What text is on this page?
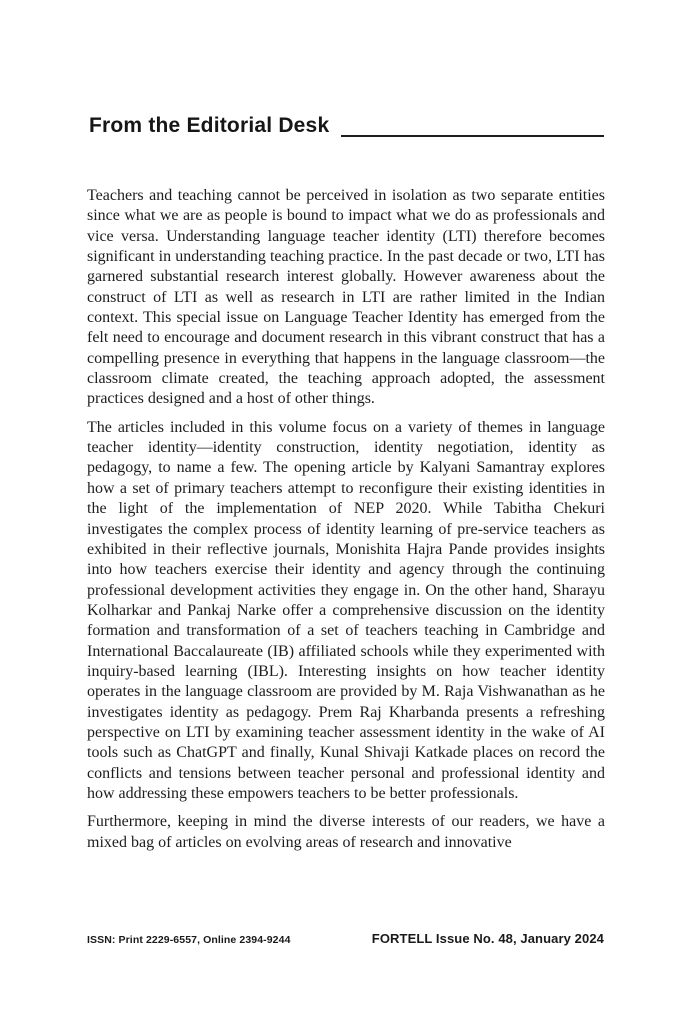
From the Editorial Desk

Teachers and teaching cannot be perceived in isolation as two separate entities since what we are as people is bound to impact what we do as professionals and vice versa. Understanding language teacher identity (LTI) therefore becomes significant in understanding teaching practice. In the past decade or two, LTI has garnered substantial research interest globally. However awareness about the construct of LTI as well as research in LTI are rather limited in the Indian context. This special issue on Language Teacher Identity has emerged from the felt need to encourage and document research in this vibrant construct that has a compelling presence in everything that happens in the language classroom—the classroom climate created, the teaching approach adopted, the assessment practices designed and a host of other things.

The articles included in this volume focus on a variety of themes in language teacher identity—identity construction, identity negotiation, identity as pedagogy, to name a few. The opening article by Kalyani Samantray explores how a set of primary teachers attempt to reconfigure their existing identities in the light of the implementation of NEP 2020. While Tabitha Chekuri investigates the complex process of identity learning of pre-service teachers as exhibited in their reflective journals, Monishita Hajra Pande provides insights into how teachers exercise their identity and agency through the continuing professional development activities they engage in. On the other hand, Sharayu Kolharkar and Pankaj Narke offer a comprehensive discussion on the identity formation and transformation of a set of teachers teaching in Cambridge and International Baccalaureate (IB) affiliated schools while they experimented with inquiry-based learning (IBL). Interesting insights on how teacher identity operates in the language classroom are provided by M. Raja Vishwanathan as he investigates identity as pedagogy. Prem Raj Kharbanda presents a refreshing perspective on LTI by examining teacher assessment identity in the wake of AI tools such as ChatGPT and finally, Kunal Shivaji Katkade places on record the conflicts and tensions between teacher personal and professional identity and how addressing these empowers teachers to be better professionals.

Furthermore, keeping in mind the diverse interests of our readers, we have a mixed bag of articles on evolving areas of research and innovative

ISSN: Print 2229-6557, Online 2394-9244	FORTELL Issue No. 48, January 2024
